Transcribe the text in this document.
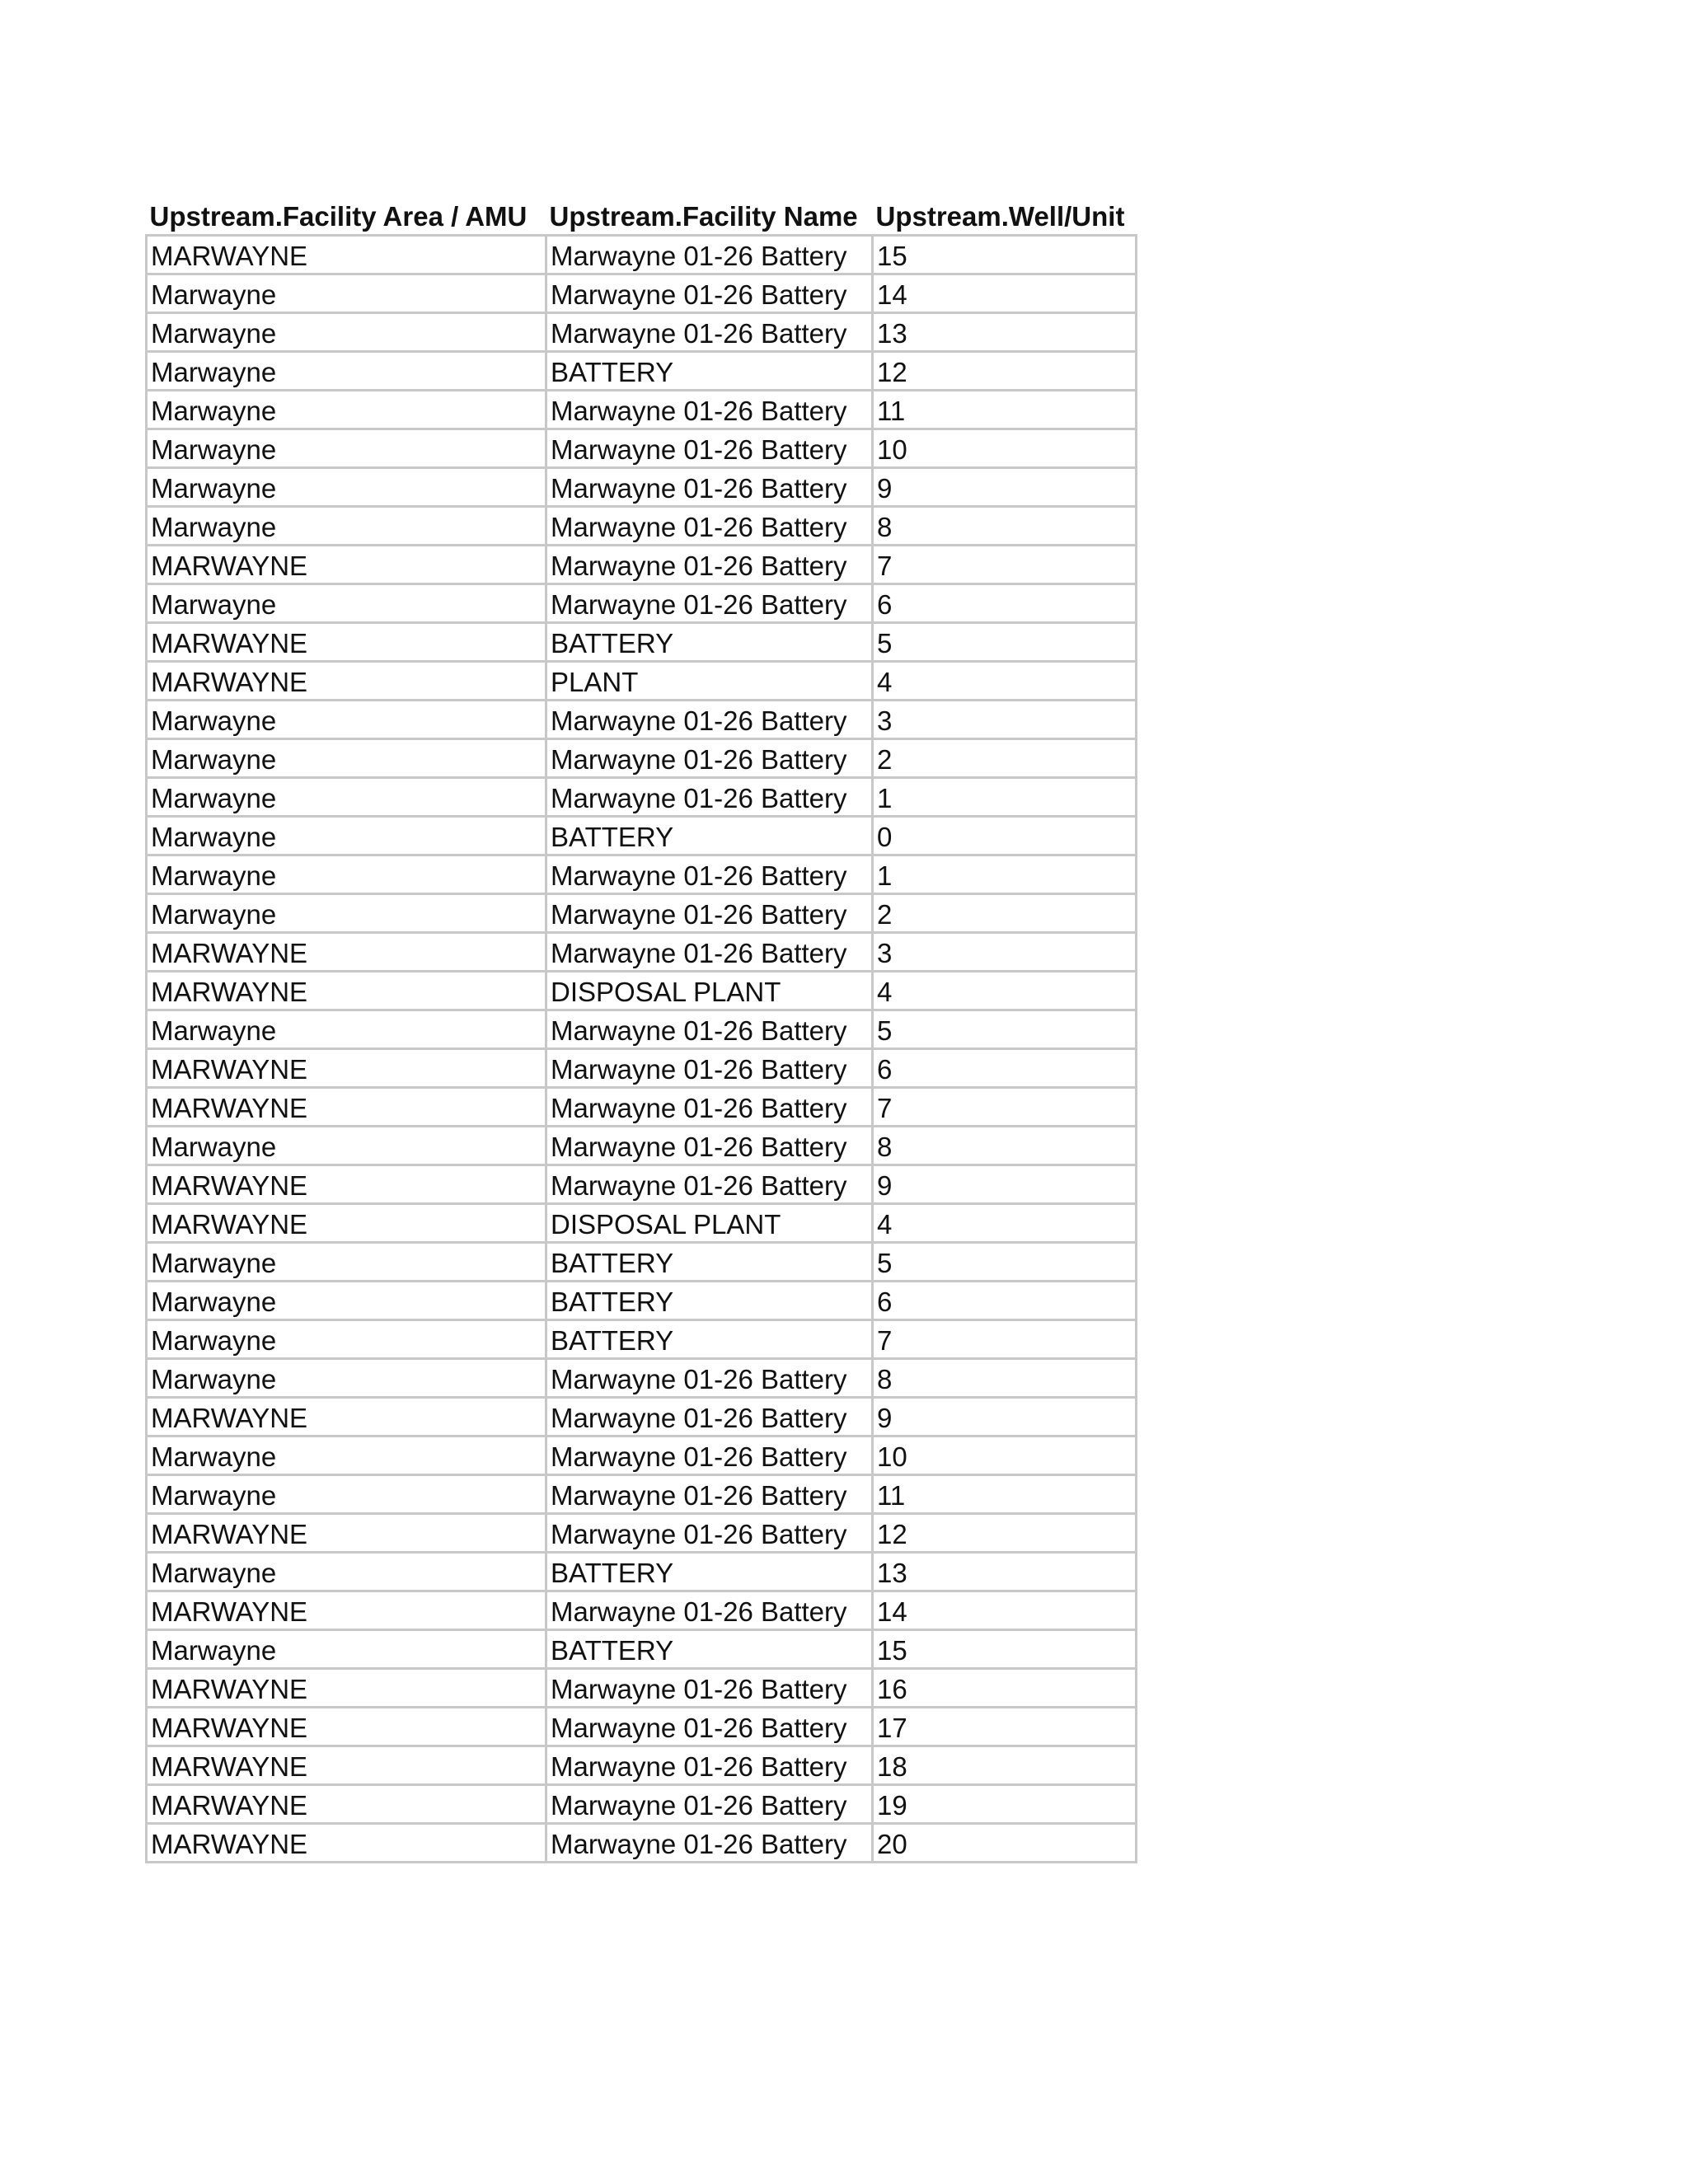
Upstream.Facility Area / AMU	Upstream.Facility Name	Upstream.Well/Unit
MARWAYNE	Marwayne 01-26 Battery	15
Marwayne	Marwayne 01-26 Battery	14
Marwayne	Marwayne 01-26 Battery	13
Marwayne	BATTERY	12
Marwayne	Marwayne 01-26 Battery	11
Marwayne	Marwayne 01-26 Battery	10
Marwayne	Marwayne 01-26 Battery	9
Marwayne	Marwayne 01-26 Battery	8
MARWAYNE	Marwayne 01-26 Battery	7
Marwayne	Marwayne 01-26 Battery	6
MARWAYNE	BATTERY	5
MARWAYNE	PLANT	4
Marwayne	Marwayne 01-26 Battery	3
Marwayne	Marwayne 01-26 Battery	2
Marwayne	Marwayne 01-26 Battery	1
Marwayne	BATTERY	0
Marwayne	Marwayne 01-26 Battery	1
Marwayne	Marwayne 01-26 Battery	2
MARWAYNE	Marwayne 01-26 Battery	3
MARWAYNE	DISPOSAL PLANT	4
Marwayne	Marwayne 01-26 Battery	5
MARWAYNE	Marwayne 01-26 Battery	6
MARWAYNE	Marwayne 01-26 Battery	7
Marwayne	Marwayne 01-26 Battery	8
MARWAYNE	Marwayne 01-26 Battery	9
MARWAYNE	DISPOSAL PLANT	4
Marwayne	BATTERY	5
Marwayne	BATTERY	6
Marwayne	BATTERY	7
Marwayne	Marwayne 01-26 Battery	8
MARWAYNE	Marwayne 01-26 Battery	9
Marwayne	Marwayne 01-26 Battery	10
Marwayne	Marwayne 01-26 Battery	11
MARWAYNE	Marwayne 01-26 Battery	12
Marwayne	BATTERY	13
MARWAYNE	Marwayne 01-26 Battery	14
Marwayne	BATTERY	15
MARWAYNE	Marwayne 01-26 Battery	16
MARWAYNE	Marwayne 01-26 Battery	17
MARWAYNE	Marwayne 01-26 Battery	18
MARWAYNE	Marwayne 01-26 Battery	19
MARWAYNE	Marwayne 01-26 Battery	20
